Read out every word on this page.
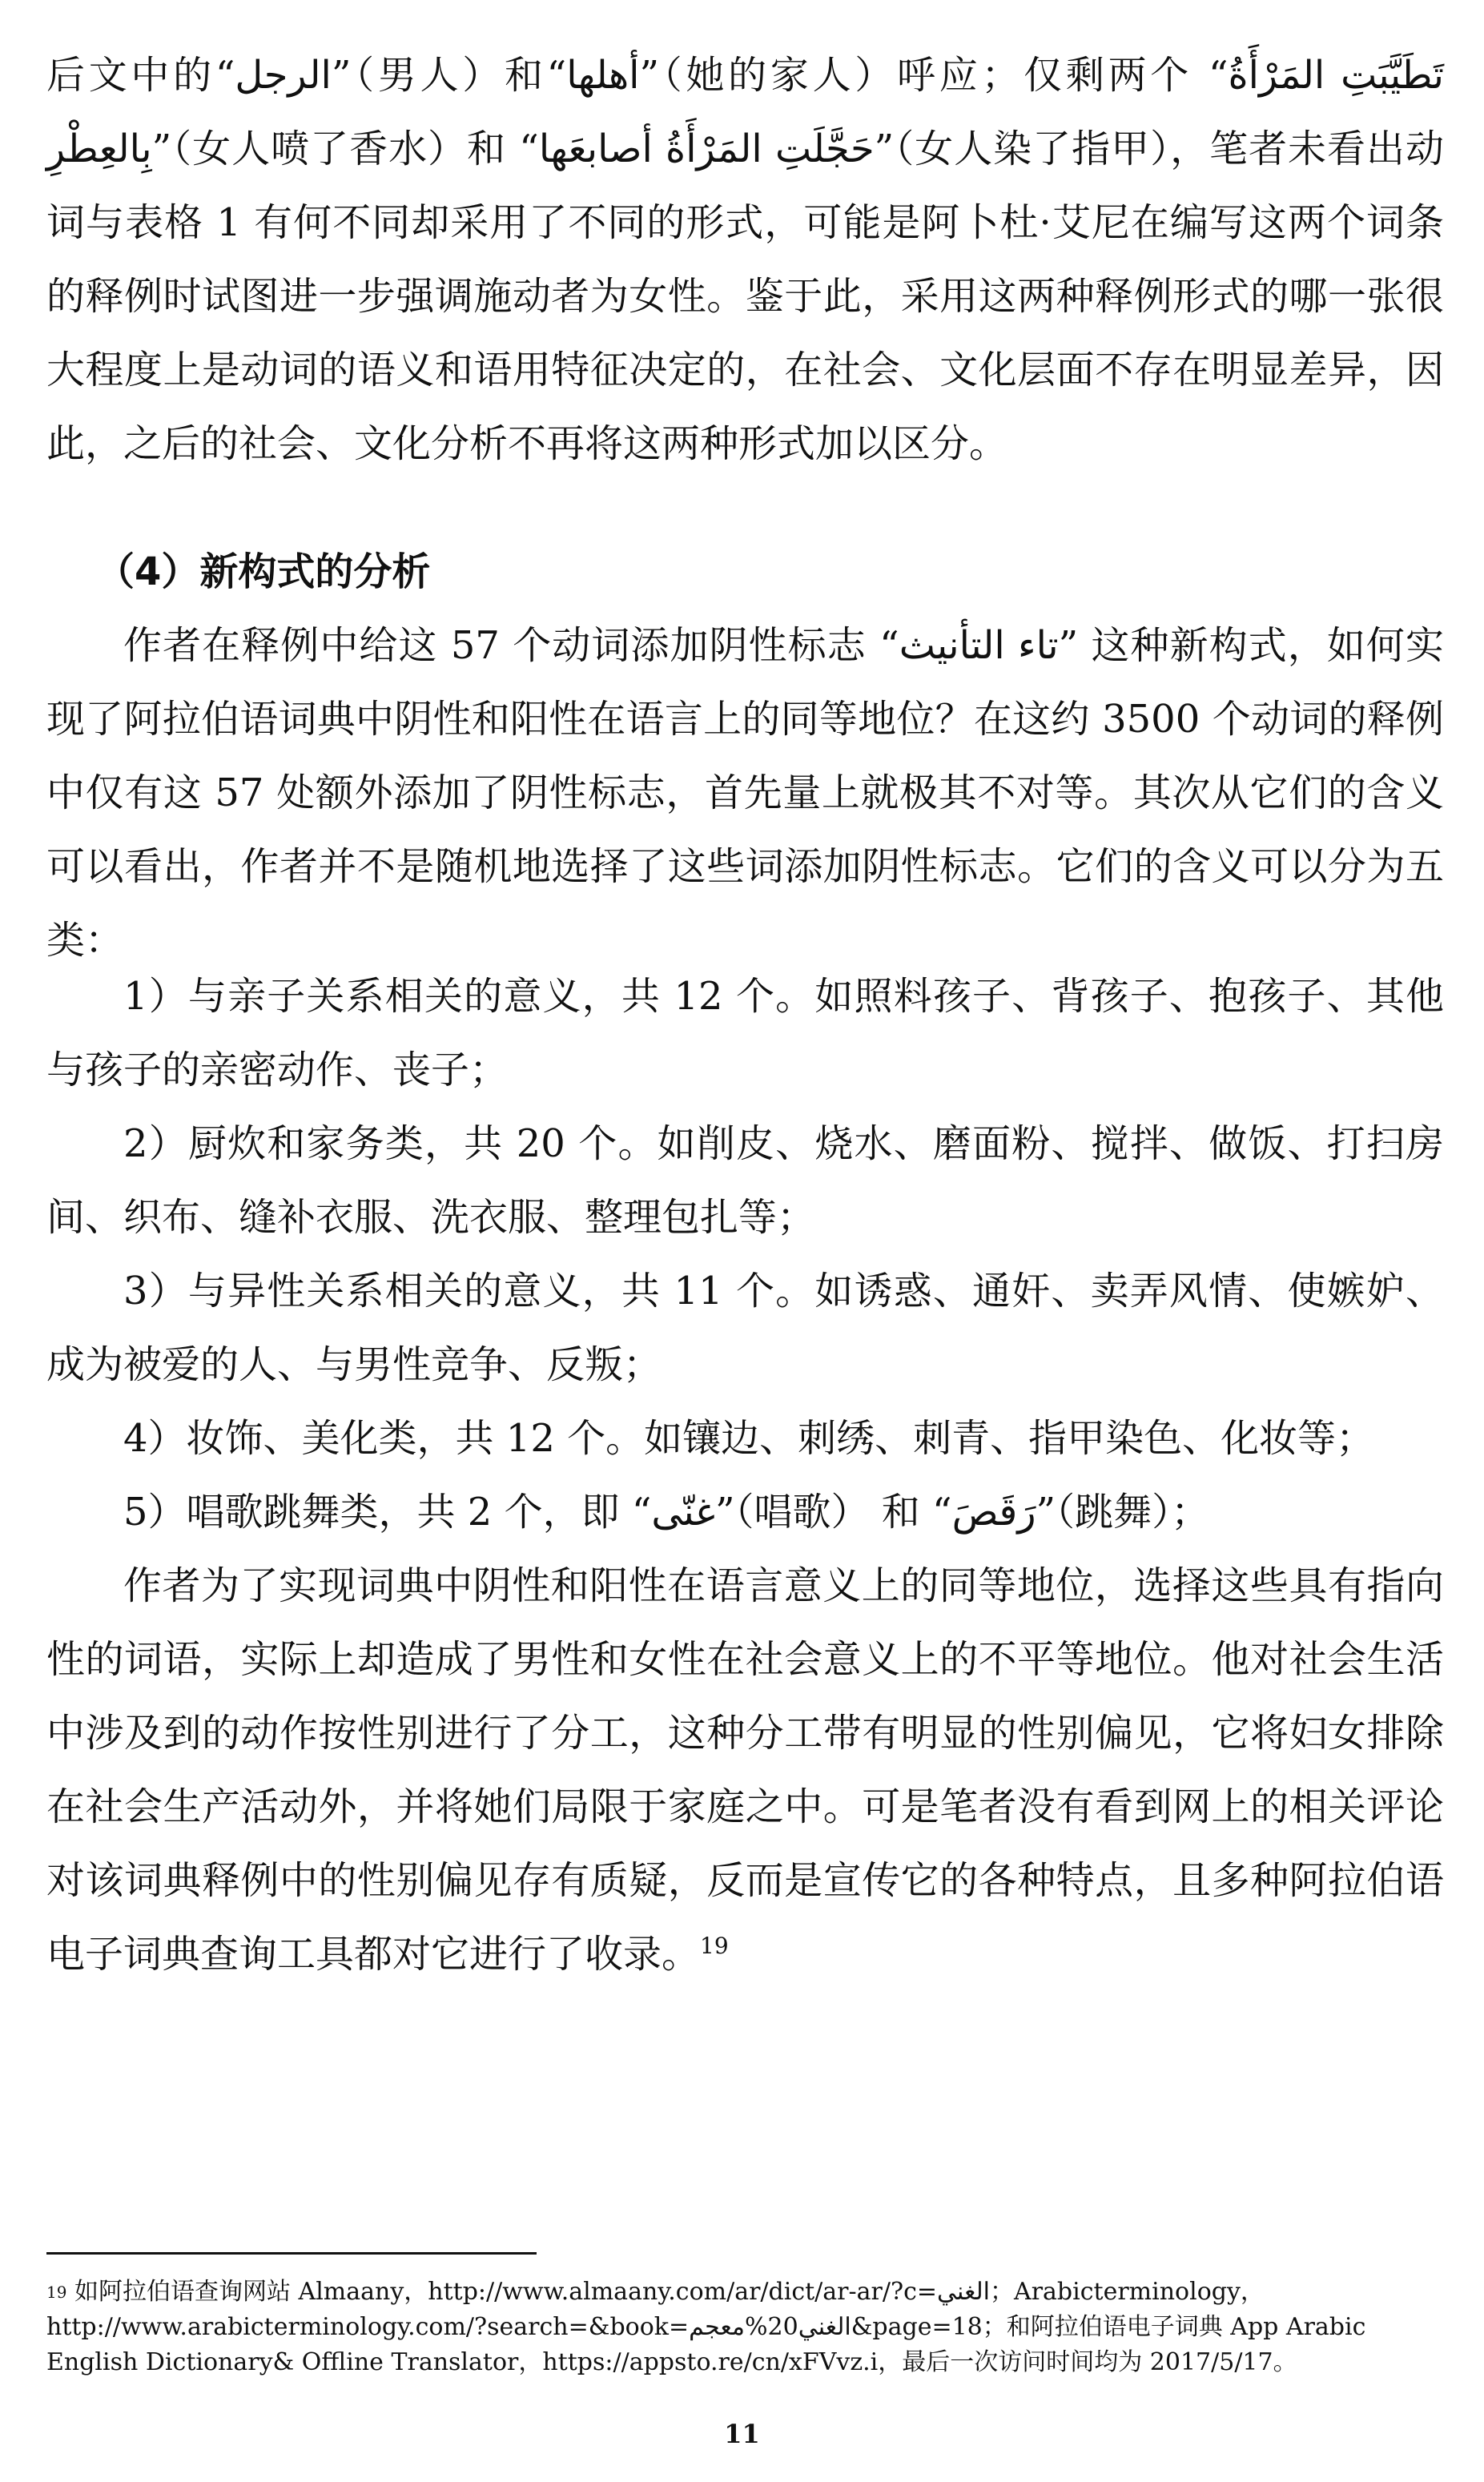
后文中的“الرجل”（男人）和“أهلها”（她的家人）呼应；仅剩两个 “تَطَيَّبَتِ المَرْأَةُ بِالعِطْرِ”（女人喷了香水）和 “حَجَّلَتِ المَرْأَةُ أصابعَها”（女人染了指甲），笔者未看出动词与表格 1 有何不同却采用了不同的形式，可能是阿卜杜·艾尼在编写这两个词条的释例时试图进一步强调施动者为女性。鉴于此，采用这两种释例形式的哪一张很大程度上是动词的语义和语用特征决定的，在社会、文化层面不存在明显差异，因此，之后的社会、文化分析不再将这两种形式加以区分。

（4）新构式的分析

作者在释例中给这 57 个动词添加阴性标志 “تاء التأنيث” 这种新构式，如何实现了阿拉伯语词典中阴性和阳性在语言上的同等地位？在这约 3500 个动词的释例中仅有这 57 处额外添加了阴性标志，首先量上就极其不对等。其次从它们的含义可以看出，作者并不是随机地选择了这些词添加阴性标志。它们的含义可以分为五类：

1）与亲子关系相关的意义，共 12 个。如照料孩子、背孩子、抱孩子、其他与孩子的亲密动作、丧子；

2）厨炊和家务类，共 20 个。如削皮、烧水、磨面粉、搅拌、做饭、打扫房间、织布、缝补衣服、洗衣服、整理包扎等；

3）与异性关系相关的意义，共 11 个。如诱惑、通奸、卖弄风情、使嫉妒、成为被爱的人、与男性竞争、反叛；

4）妆饰、美化类，共 12 个。如镶边、刺绣、刺青、指甲染色、化妆等；

5）唱歌跳舞类，共 2 个，即 “غنّى”（唱歌） 和 “رَقَصَ”（跳舞）；

作者为了实现词典中阴性和阳性在语言意义上的同等地位，选择这些具有指向性的词语，实际上却造成了男性和女性在社会意义上的不平等地位。他对社会生活中涉及到的动作按性别进行了分工，这种分工带有明显的性别偏见，它将妇女排除在社会生产活动外，并将她们局限于家庭之中。可是笔者没有看到网上的相关评论对该词典释例中的性别偏见存有质疑，反而是宣传它的各种特点，且多种阿拉伯语电子词典查询工具都对它进行了收录。$^{19}$

$^{19}$ 如阿拉伯语查询网站 Almaany，http://www.almaany.com/ar/dict/ar-ar/?c=الغني；Arabicterminology，http://www.arabicterminology.com/?search=&book=الغني20%معجم&page=18；和阿拉伯语电子词典 App Arabic English Dictionary& Offline Translator，https://appsto.re/cn/xFVvz.i，最后一次访问时间均为 2017/5/17。

11
